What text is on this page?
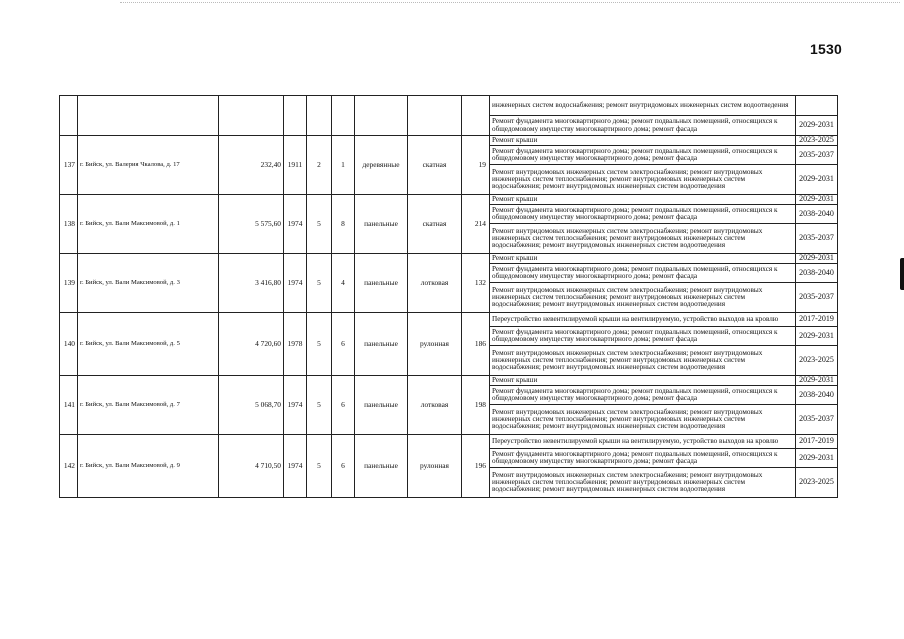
1530
									инженерных систем водоснабжения; ремонт внутридомовых инженерных систем водоотведения	
									Ремонт фундамента многоквартирного дома; ремонт подвальных помещений, относящихся к общедомовому имуществу многоквартирного дома; ремонт фасада	2029-2031
137	г. Бийск, ул. Валерия Чкалова, д. 17	232,40	1911	2	1	деревянные	скатная	19	Ремонт крыши	2023-2025
									Ремонт фундамента многоквартирного дома; ремонт подвальных помещений, относящихся к общедомовому имуществу многоквартирного дома; ремонт фасада	2035-2037
									Ремонт внутридомовых инженерных систем электроснабжения; ремонт внутридомовых инженерных систем теплоснабжения; ремонт внутридомовых инженерных систем водоснабжения; ремонт внутридомовых инженерных систем водоотведения	2029-2031
138	г. Бийск, ул. Вали Максимовой, д. 1	5 575,60	1974	5	8	панельные	скатная	214	Ремонт крыши	2029-2031
									Ремонт фундамента многоквартирного дома; ремонт подвальных помещений, относящихся к общедомовому имуществу многоквартирного дома; ремонт фасада	2038-2040
									Ремонт внутридомовых инженерных систем электроснабжения; ремонт внутридомовых инженерных систем теплоснабжения; ремонт внутридомовых инженерных систем водоснабжения; ремонт внутридомовых инженерных систем водоотведения	2035-2037
139	г. Бийск, ул. Вали Максимовой, д. 3	3 416,80	1974	5	4	панельные	лотковая	132	Ремонт крыши	2029-2031
									Ремонт фундамента многоквартирного дома; ремонт подвальных помещений, относящихся к общедомовому имуществу многоквартирного дома; ремонт фасада	2038-2040
									Ремонт внутридомовых инженерных систем электроснабжения; ремонт внутридомовых инженерных систем теплоснабжения; ремонт внутридомовых инженерных систем водоснабжения; ремонт внутридомовых инженерных систем водоотведения	2035-2037
140	г. Бийск, ул. Вали Максимовой, д. 5	4 720,60	1978	5	6	панельные	рулонная	186	Переустройство невентилируемой крыши на вентилируемую, устройство выходов на кровлю	2017-2019
									Ремонт фундамента многоквартирного дома; ремонт подвальных помещений, относящихся к общедомовому имуществу многоквартирного дома; ремонт фасада	2029-2031
									Ремонт внутридомовых инженерных систем электроснабжения; ремонт внутридомовых инженерных систем теплоснабжения; ремонт внутридомовых инженерных систем водоснабжения; ремонт внутридомовых инженерных систем водоотведения	2023-2025
141	г. Бийск, ул. Вали Максимовой, д. 7	5 068,70	1974	5	6	панельные	лотковая	198	Ремонт крыши	2029-2031
									Ремонт фундамента многоквартирного дома; ремонт подвальных помещений, относящихся к общедомовому имуществу многоквартирного дома; ремонт фасада	2038-2040
									Ремонт внутридомовых инженерных систем электроснабжения; ремонт внутридомовых инженерных систем теплоснабжения; ремонт внутридомовых инженерных систем водоснабжения; ремонт внутридомовых инженерных систем водоотведения	2035-2037
142	г. Бийск, ул. Вали Максимовой, д. 9	4 710,50	1974	5	6	панельные	рулонная	196	Переустройство невентилируемой крыши на вентилируемую, устройство выходов на кровлю	2017-2019
									Ремонт фундамента многоквартирного дома; ремонт подвальных помещений, относящихся к общедомовому имуществу многоквартирного дома; ремонт фасада	2029-2031
									Ремонт внутридомовых инженерных систем электроснабжения; ремонт внутридомовых инженерных систем теплоснабжения; ремонт внутридомовых инженерных систем водоснабжения; ремонт внутридомовых инженерных систем водоотведения	2023-2025
